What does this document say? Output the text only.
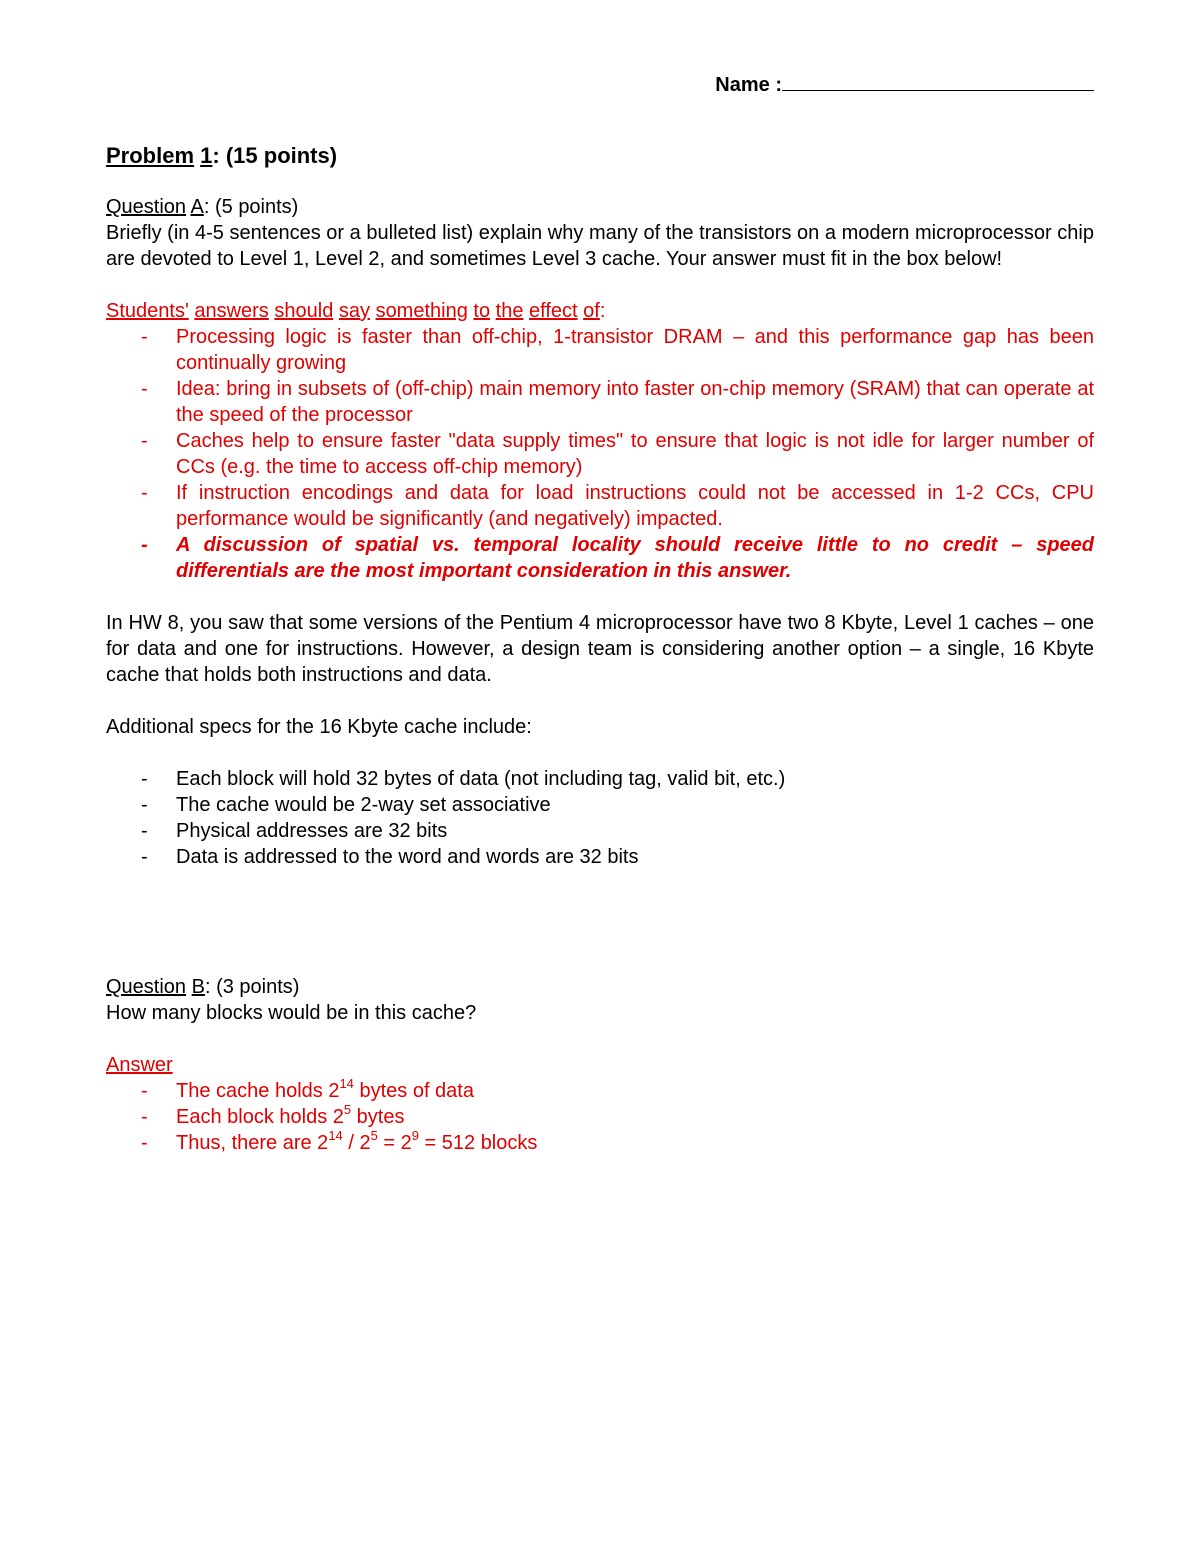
Name :

Problem 1: (15 points)

Question A: (5 points)

Briefly (in 4-5 sentences or a bulleted list) explain why many of the transistors on a modern microprocessor chip are devoted to Level 1, Level 2, and sometimes Level 3 cache. Your answer must fit in the box below!

Students' answers should say something to the effect of:

- Processing logic is faster than off-chip, 1-transistor DRAM – and this performance gap has been continually growing
- Idea: bring in subsets of (off-chip) main memory into faster on-chip memory (SRAM) that can operate at the speed of the processor
- Caches help to ensure faster "data supply times" to ensure that logic is not idle for larger number of CCs (e.g. the time to access off-chip memory)
- If instruction encodings and data for load instructions could not be accessed in 1-2 CCs, CPU performance would be significantly (and negatively) impacted.
- A discussion of spatial vs. temporal locality should receive little to no credit – speed differentials are the most important consideration in this answer.

In HW 8, you saw that some versions of the Pentium 4 microprocessor have two 8 Kbyte, Level 1 caches – one for data and one for instructions. However, a design team is considering another option – a single, 16 Kbyte cache that holds both instructions and data.

Additional specs for the 16 Kbyte cache include:

- Each block will hold 32 bytes of data (not including tag, valid bit, etc.)
- The cache would be 2-way set associative
- Physical addresses are 32 bits
- Data is addressed to the word and words are 32 bits

Question B: (3 points)

How many blocks would be in this cache?

Answer

- The cache holds $2^{14}$ bytes of data
- Each block holds $2^5$ bytes
- Thus, there are $2^{14} / 2^5 = 2^9 = 512$ blocks
